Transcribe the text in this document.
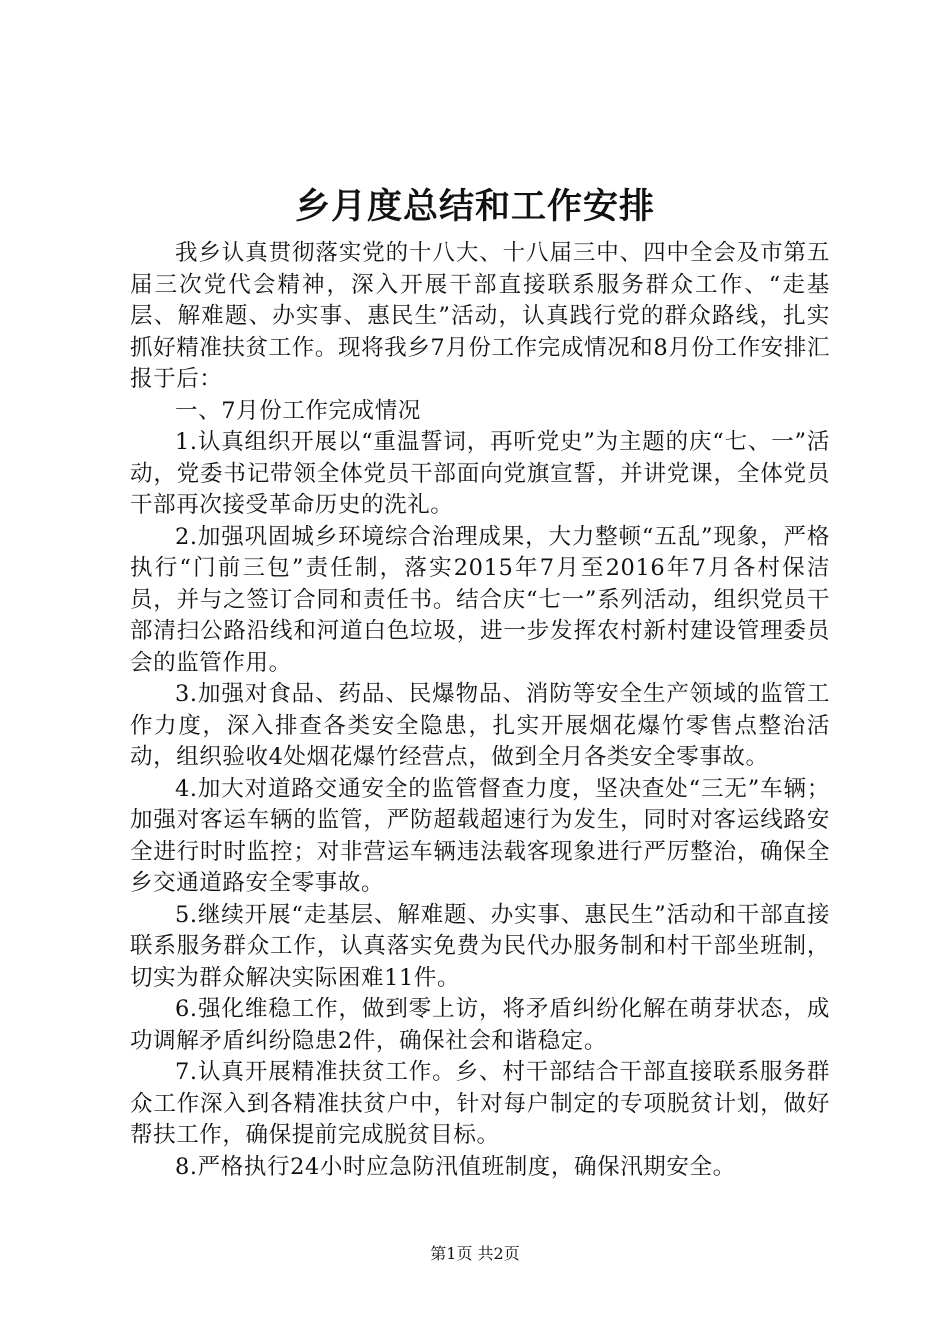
乡月度总结和工作安排

我乡认真贯彻落实党的十八大、十八届三中、四中全会及市第五届三次党代会精神，深入开展干部直接联系服务群众工作、“走基层、解难题、办实事、惠民生”活动，认真践行党的群众路线，扎实抓好精准扶贫工作。现将我乡7月份工作完成情况和8月份工作安排汇报于后：

一、7月份工作完成情况

1.认真组织开展以“重温誓词，再听党史”为主题的庆“七、一”活动，党委书记带领全体党员干部面向党旗宣誓，并讲党课，全体党员干部再次接受革命历史的洗礼。

2.加强巩固城乡环境综合治理成果，大力整顿“五乱”现象，严格执行“门前三包”责任制，落实2015年7月至2016年7月各村保洁员，并与之签订合同和责任书。结合庆“七一”系列活动，组织党员干部清扫公路沿线和河道白色垃圾，进一步发挥农村新村建设管理委员会的监管作用。

3.加强对食品、药品、民爆物品、消防等安全生产领域的监管工作力度，深入排查各类安全隐患，扎实开展烟花爆竹零售点整治活动，组织验收4处烟花爆竹经营点，做到全月各类安全零事故。

4.加大对道路交通安全的监管督查力度，坚决查处“三无”车辆；加强对客运车辆的监管，严防超载超速行为发生，同时对客运线路安全进行时时监控；对非营运车辆违法载客现象进行严厉整治，确保全乡交通道路安全零事故。

5.继续开展“走基层、解难题、办实事、惠民生”活动和干部直接联系服务群众工作，认真落实免费为民代办服务制和村干部坐班制，切实为群众解决实际困难11件。

6.强化维稳工作，做到零上访，将矛盾纠纷化解在萌芽状态，成功调解矛盾纠纷隐患2件，确保社会和谐稳定。

7.认真开展精准扶贫工作。乡、村干部结合干部直接联系服务群众工作深入到各精准扶贫户中，针对每户制定的专项脱贫计划，做好帮扶工作，确保提前完成脱贫目标。

8.严格执行24小时应急防汛值班制度，确保汛期安全。

第1页 共2页
